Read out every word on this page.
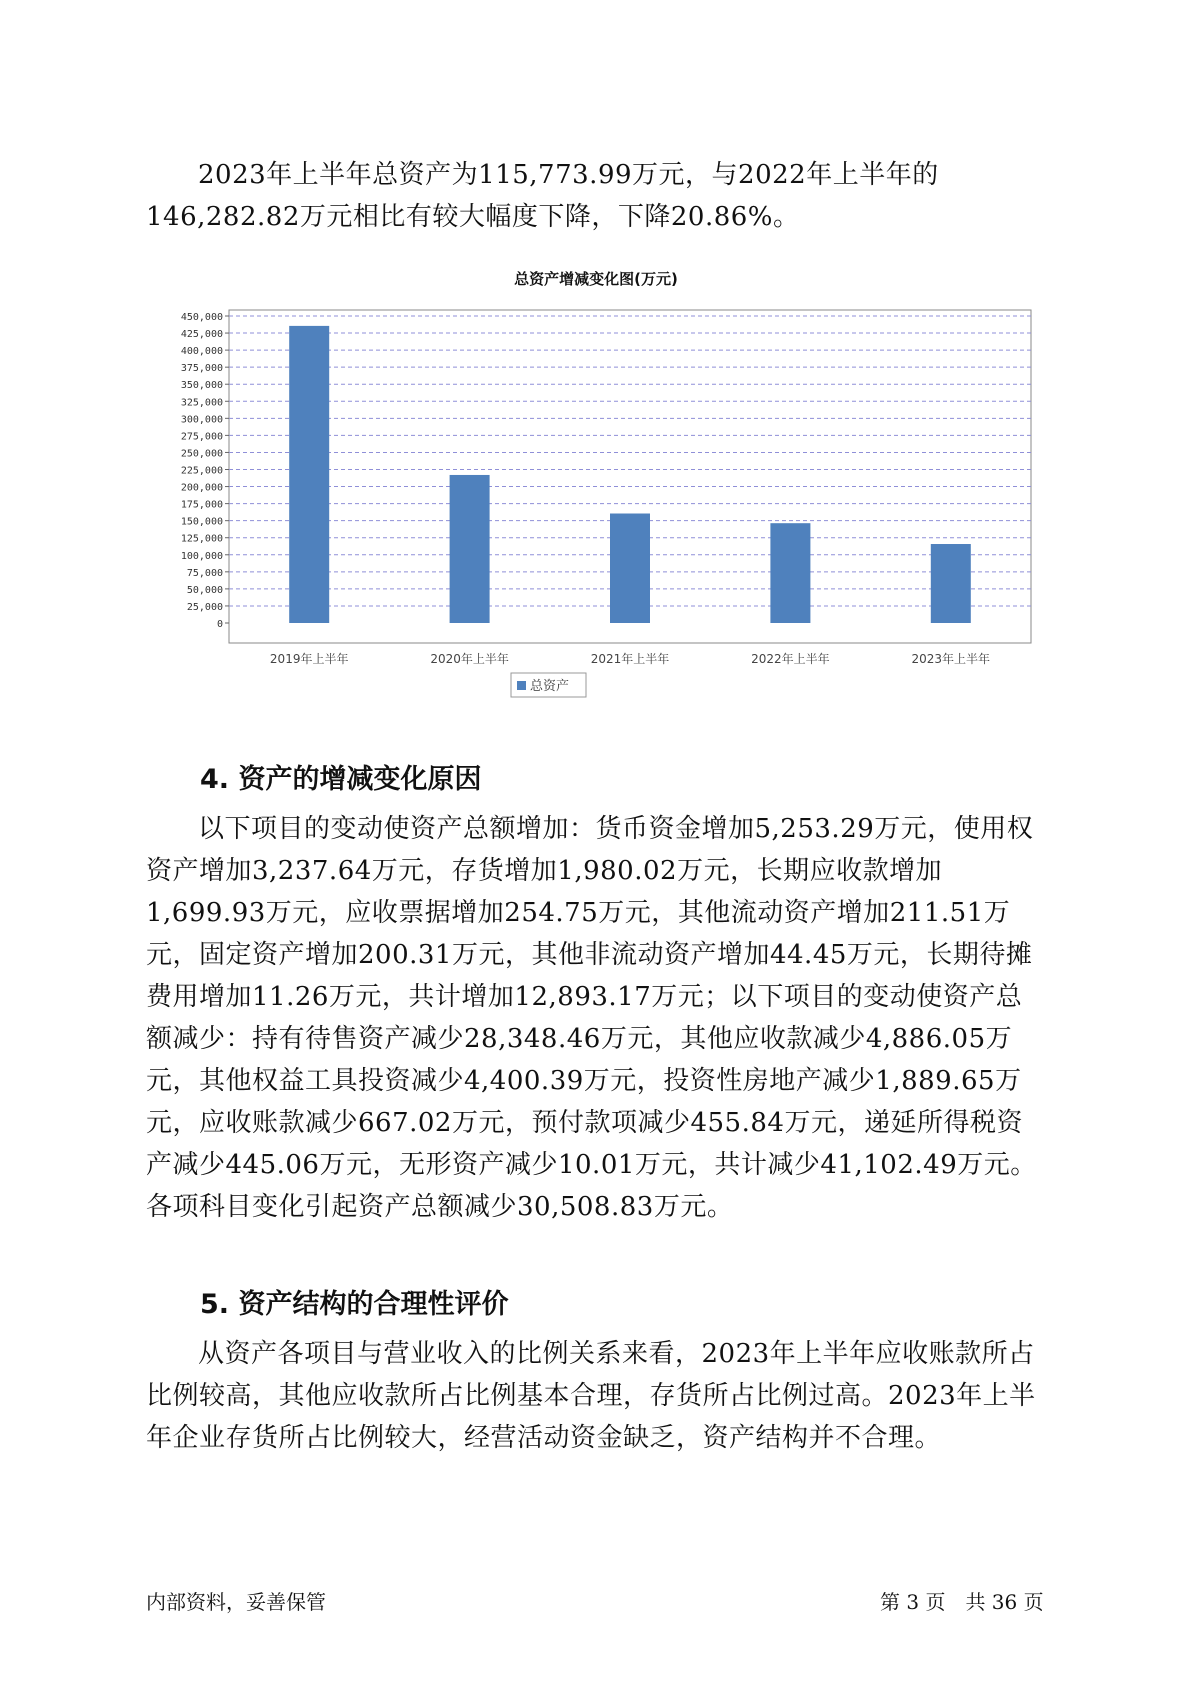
2023年上半年总资产为115,773.99万元，与2022年上半年的146,282.82万元相比有较大幅度下降，下降20.86%。

总资产增减变化图(万元)
0
25,000
50,000
75,000
100,000
125,000
150,000
175,000
200,000
225,000
250,000
275,000
300,000
325,000
350,000
375,000
400,000
425,000
450,000
2019年上半年	2020年上半年	2021年上半年	2022年上半年	2023年上半年
总资产
4. 资产的增减变化原因

以下项目的变动使资产总额增加：货币资金增加5,253.29万元，使用权资产增加3,237.64万元，存货增加1,980.02万元，长期应收款增加1,699.93万元，应收票据增加254.75万元，其他流动资产增加211.51万元，固定资产增加200.31万元，其他非流动资产增加44.45万元，长期待摊费用增加11.26万元，共计增加12,893.17万元；以下项目的变动使资产总额减少：持有待售资产减少28,348.46万元，其他应收款减少4,886.05万元，其他权益工具投资减少4,400.39万元，投资性房地产减少1,889.65万元，应收账款减少667.02万元，预付款项减少455.84万元，递延所得税资产减少445.06万元，无形资产减少10.01万元，共计减少41,102.49万元。各项科目变化引起资产总额减少30,508.83万元。

5. 资产结构的合理性评价

从资产各项目与营业收入的比例关系来看，2023年上半年应收账款所占比例较高，其他应收款所占比例基本合理，存货所占比例过高。2023年上半年企业存货所占比例较大，经营活动资金缺乏，资产结构并不合理。

内部资料，妥善保管	第 3 页　共 36 页
